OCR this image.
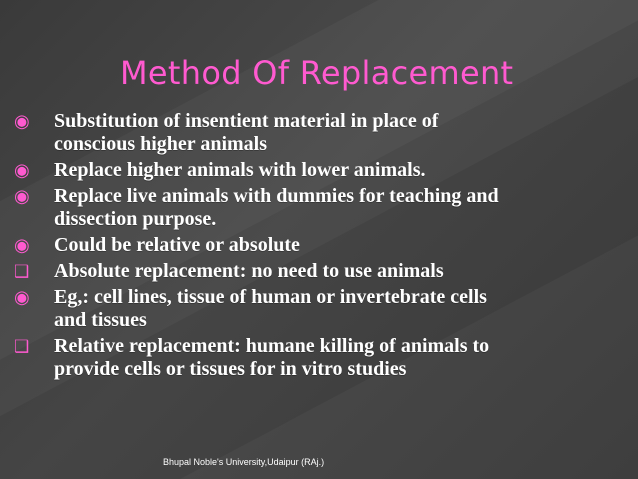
Method Of Replacement
◉	Substitution of insentient material in place of
conscious higher animals
◉	Replace higher animals with lower animals.
◉	Replace live animals with dummies for teaching and
dissection purpose.
◉	Could be relative or absolute
❑	Absolute replacement: no need to use animals
◉	Eg,: cell lines, tissue of human or invertebrate cells
and tissues
❑	Relative replacement: humane killing of animals to
provide cells or tissues for in vitro studies
Bhupal Noble's University,Udaipur (RAj.)
